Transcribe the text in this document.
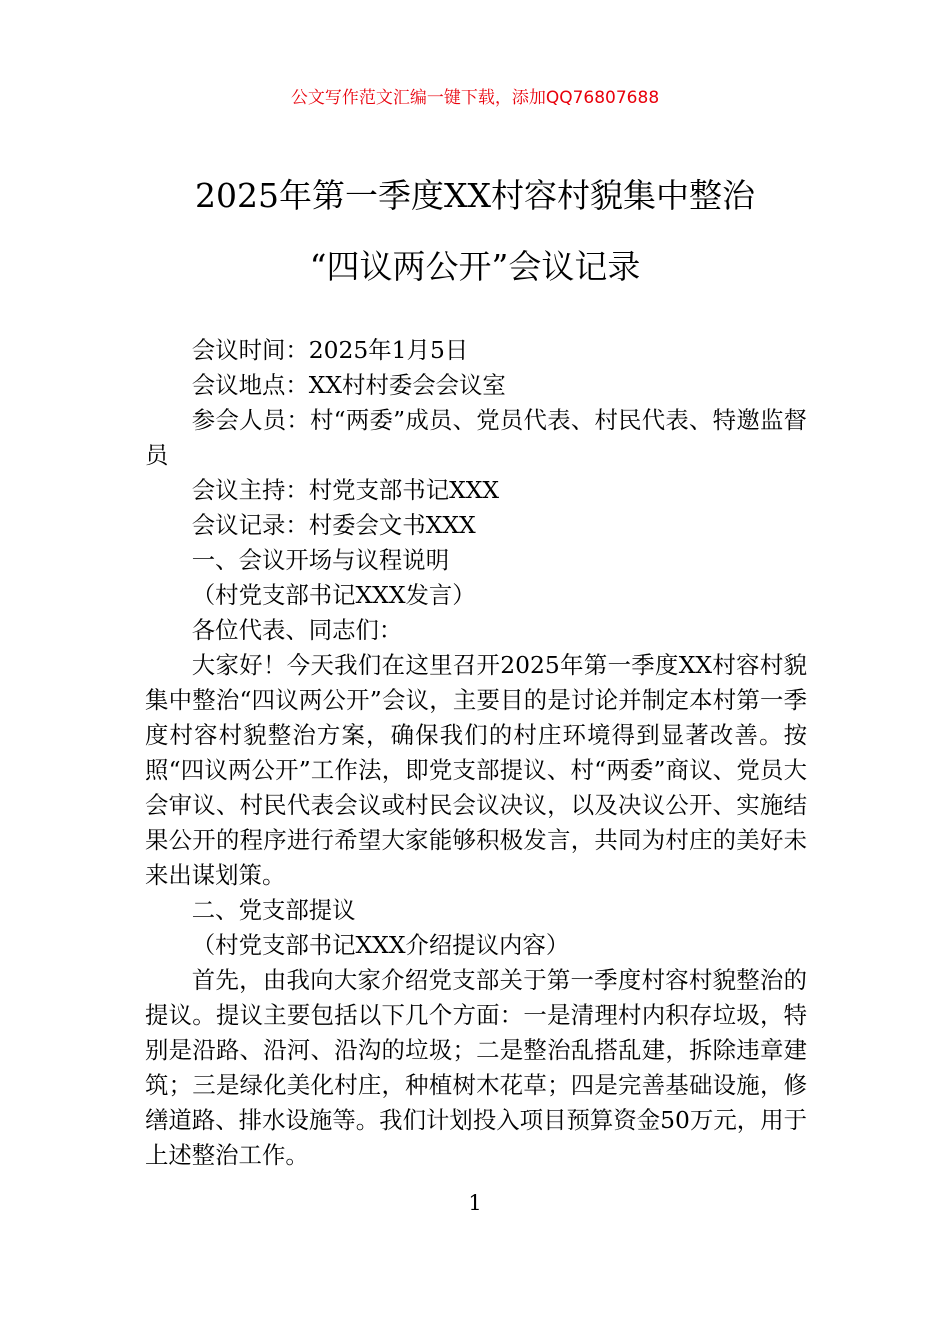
公文写作范文汇编一键下载，添加QQ76807688
2025年第一季度XX村容村貌集中整治
“四议两公开”会议记录

会议时间：2025年1月5日

会议地点：XX村村委会会议室

参会人员：村“两委”成员、党员代表、村民代表、特邀监督员

会议主持：村党支部书记XXX

会议记录：村委会文书XXX

一、会议开场与议程说明

（村党支部书记XXX发言）

各位代表、同志们：

大家好！今天我们在这里召开2025年第一季度XX村容村貌集中整治“四议两公开”会议，主要目的是讨论并制定本村第一季度村容村貌整治方案，确保我们的村庄环境得到显著改善。按照“四议两公开”工作法，即党支部提议、村“两委”商议、党员大会审议、村民代表会议或村民会议决议，以及决议公开、实施结果公开的程序进行希望大家能够积极发言，共同为村庄的美好未来出谋划策。

二、党支部提议

（村党支部书记XXX介绍提议内容）

首先，由我向大家介绍党支部关于第一季度村容村貌整治的提议。提议主要包括以下几个方面：一是清理村内积存垃圾，特别是沿路、沿河、沿沟的垃圾；二是整治乱搭乱建，拆除违章建筑；三是绿化美化村庄，种植树木花草；四是完善基础设施，修缮道路、排水设施等。我们计划投入项目预算资金50万元，用于上述整治工作。

1
